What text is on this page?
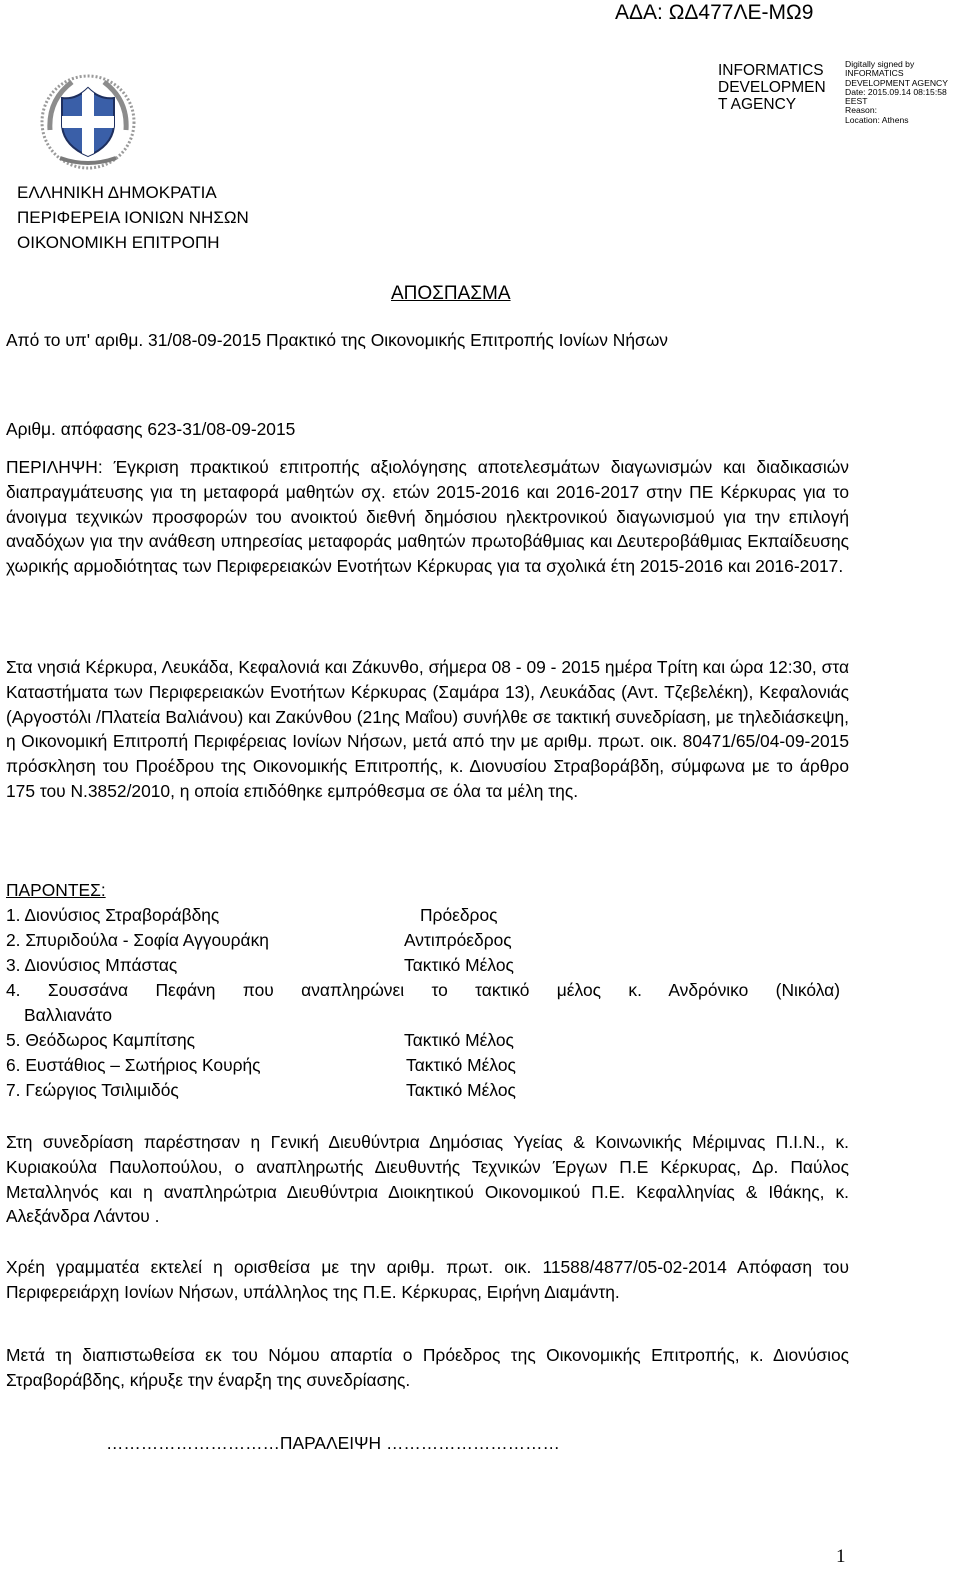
ΑΔΑ: ΩΔ477ΛΕ-ΜΩ9
INFORMATICS
DEVELOPMEN
T AGENCY
Digitally signed by
INFORMATICS
DEVELOPMENT AGENCY
Date: 2015.09.14 08:15:58
EEST
Reason:
Location: Athens
ΕΛΛΗΝΙΚΗ ΔΗΜΟΚΡΑΤΙΑ
ΠΕΡΙΦΕΡΕΙΑ ΙΟΝΙΩΝ ΝΗΣΩΝ
ΟΙΚΟΝΟΜΙΚΗ ΕΠΙΤΡΟΠΗ
ΑΠΟΣΠΑΣΜΑ
Από το υπ' αριθμ. 31/08-09-2015 Πρακτικό της Οικονομικής Επιτροπής Ιονίων Νήσων
Αριθμ. απόφασης 623-31/08-09-2015
ΠΕΡΙΛΗΨΗ: Έγκριση πρακτικού επιτροπής αξιολόγησης αποτελεσμάτων διαγωνισμών και διαδικασιών διαπραγμάτευσης για τη μεταφορά μαθητών σχ. ετών 2015-2016 και 2016-2017 στην ΠΕ Κέρκυρας για το άνοιγμα τεχνικών προσφορών του ανοικτού διεθνή δημόσιου ηλεκτρονικού διαγωνισμού για την επιλογή αναδόχων για την ανάθεση υπηρεσίας μεταφοράς μαθητών πρωτοβάθμιας και Δευτεροβάθμιας Εκπαίδευσης χωρικής αρμοδιότητας των Περιφερειακών Ενοτήτων Κέρκυρας για τα σχολικά έτη 2015-2016 και 2016-2017.
Στα νησιά Κέρκυρα, Λευκάδα, Κεφαλονιά και Ζάκυνθο, σήμερα 08 - 09 - 2015 ημέρα Τρίτη και ώρα 12:30, στα Καταστήματα των Περιφερειακών Ενοτήτων Κέρκυρας (Σαμάρα 13), Λευκάδας (Αντ. Τζεβελέκη), Κεφαλονιάς (Αργοστόλι /Πλατεία Βαλιάνου) και Ζακύνθου (21ης Μαΐου) συνήλθε σε τακτική συνεδρίαση, με τηλεδιάσκεψη, η Οικονομική Επιτροπή Περιφέρειας Ιονίων Νήσων, μετά από την με αριθμ. πρωτ. οικ. 80471/65/04-09-2015 πρόσκληση του Προέδρου της Οικονομικής Επιτροπής, κ. Διονυσίου Στραβοράβδη, σύμφωνα με το άρθρο 175 του Ν.3852/2010, η οποία επιδόθηκε εμπρόθεσμα σε όλα τα μέλη της.
ΠΑΡΟΝΤΕΣ:
1. Διονύσιος Στραβοράβδης	Πρόεδρος
2. Σπυριδούλα - Σοφία Αγγουράκη	Αντιπρόεδρος
3. Διονύσιος Μπάστας	Τακτικό Μέλος
4. Σουσσάνα Πεφάνη που αναπληρώνει το τακτικό μέλος κ. Ανδρόνικο (Νικόλα)
Βαλλιανάτο
5. Θεόδωρος Καμπίτσης	Τακτικό Μέλος
6. Ευστάθιος – Σωτήριος Κουρής	Τακτικό Μέλος
7. Γεώργιος Τσιλιμιδός	Τακτικό Μέλος
Στη συνεδρίαση παρέστησαν η Γενική Διευθύντρια Δημόσιας Υγείας & Κοινωνικής Μέριμνας Π.Ι.Ν., κ. Κυριακούλα Παυλοπούλου, ο αναπληρωτής Διευθυντής Τεχνικών Έργων Π.Ε Κέρκυρας, Δρ. Παύλος Μεταλληνός και η αναπληρώτρια Διευθύντρια Διοικητικού Οικονομικού Π.Ε. Κεφαλληνίας & Ιθάκης, κ. Αλεξάνδρα Λάντου .
Χρέη γραμματέα εκτελεί η ορισθείσα με την αριθμ. πρωτ. οικ. 11588/4877/05-02-2014 Απόφαση του Περιφερειάρχη Ιονίων Νήσων, υπάλληλος της Π.Ε. Κέρκυρας, Ειρήνη Διαμάντη.
Μετά τη διαπιστωθείσα εκ του Νόμου απαρτία ο Πρόεδρος της Οικονομικής Επιτροπής, κ. Διονύσιος Στραβοράβδης, κήρυξε την έναρξη της συνεδρίασης.
…………………………ΠΑΡΑΛΕΙΨΗ …………………………
1
